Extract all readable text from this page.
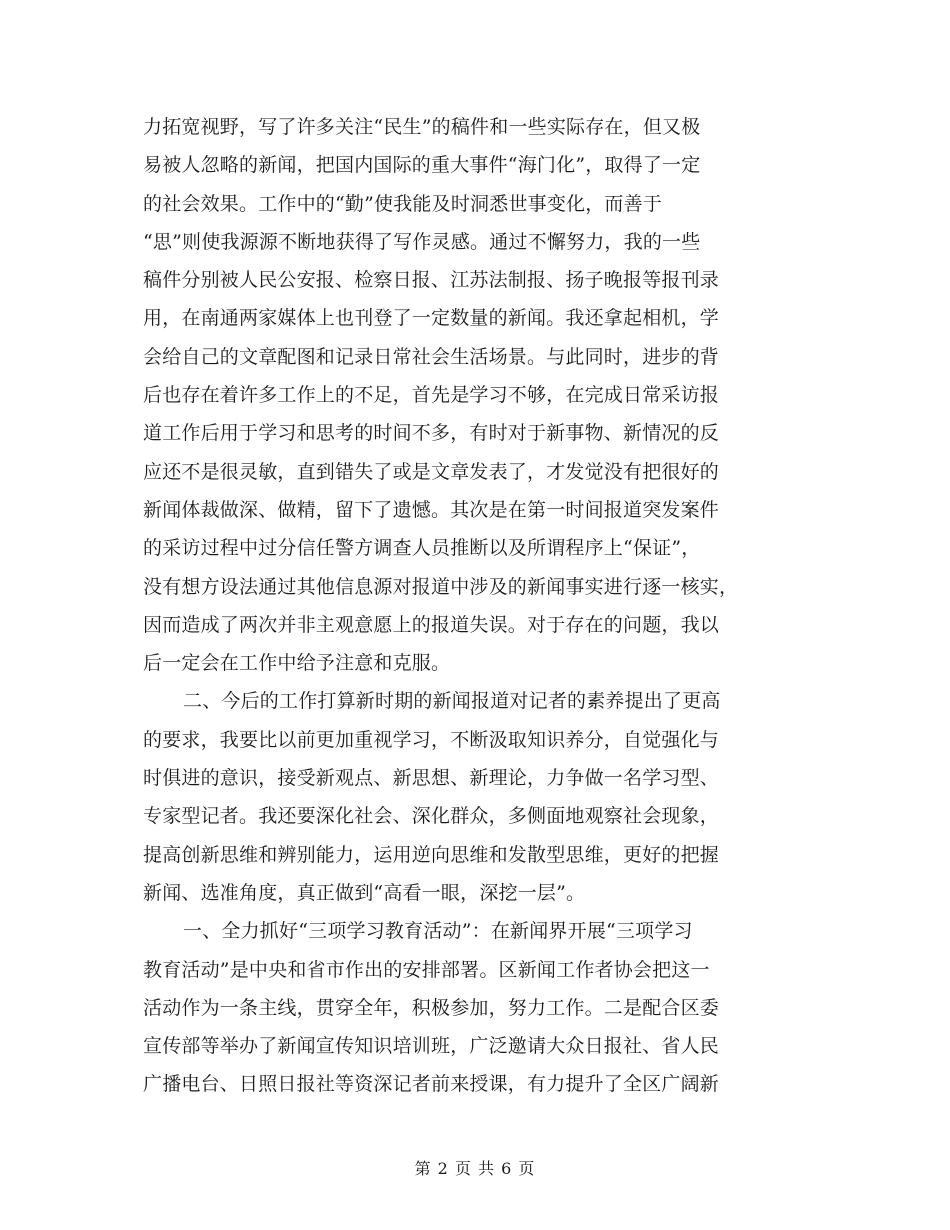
力拓宽视野，写了许多关注“民生”的稿件和一些实际存在，但又极
易被人忽略的新闻，把国内国际的重大事件“海门化”，取得了一定
的社会效果。工作中的“勤”使我能及时洞悉世事变化，而善于
“思”则使我源源不断地获得了写作灵感。通过不懈努力，我的一些
稿件分别被人民公安报、检察日报、江苏法制报、扬子晚报等报刊录
用，在南通两家媒体上也刊登了一定数量的新闻。我还拿起相机，学
会给自己的文章配图和记录日常社会生活场景。与此同时，进步的背
后也存在着许多工作上的不足，首先是学习不够，在完成日常采访报
道工作后用于学习和思考的时间不多，有时对于新事物、新情况的反
应还不是很灵敏，直到错失了或是文章发表了，才发觉没有把很好的
新闻体裁做深、做精，留下了遗憾。其次是在第一时间报道突发案件
的采访过程中过分信任警方调查人员推断以及所谓程序上“保证”，
没有想方设法通过其他信息源对报道中涉及的新闻事实进行逐一核实，
因而造成了两次并非主观意愿上的报道失误。对于存在的问题，我以
后一定会在工作中给予注意和克服。
二、今后的工作打算新时期的新闻报道对记者的素养提出了更高
的要求，我要比以前更加重视学习，不断汲取知识养分，自觉强化与
时俱进的意识，接受新观点、新思想、新理论，力争做一名学习型、
专家型记者。我还要深化社会、深化群众，多侧面地观察社会现象，
提高创新思维和辨别能力，运用逆向思维和发散型思维，更好的把握
新闻、选准角度，真正做到“高看一眼，深挖一层”。
一、全力抓好“三项学习教育活动”：在新闻界开展“三项学习
教育活动”是中央和省市作出的安排部署。区新闻工作者协会把这一
活动作为一条主线，贯穿全年，积极参加，努力工作。二是配合区委
宣传部等举办了新闻宣传知识培训班，广泛邀请大众日报社、省人民
广播电台、日照日报社等资深记者前来授课，有力提升了全区广阔新
第 2 页 共 6 页
